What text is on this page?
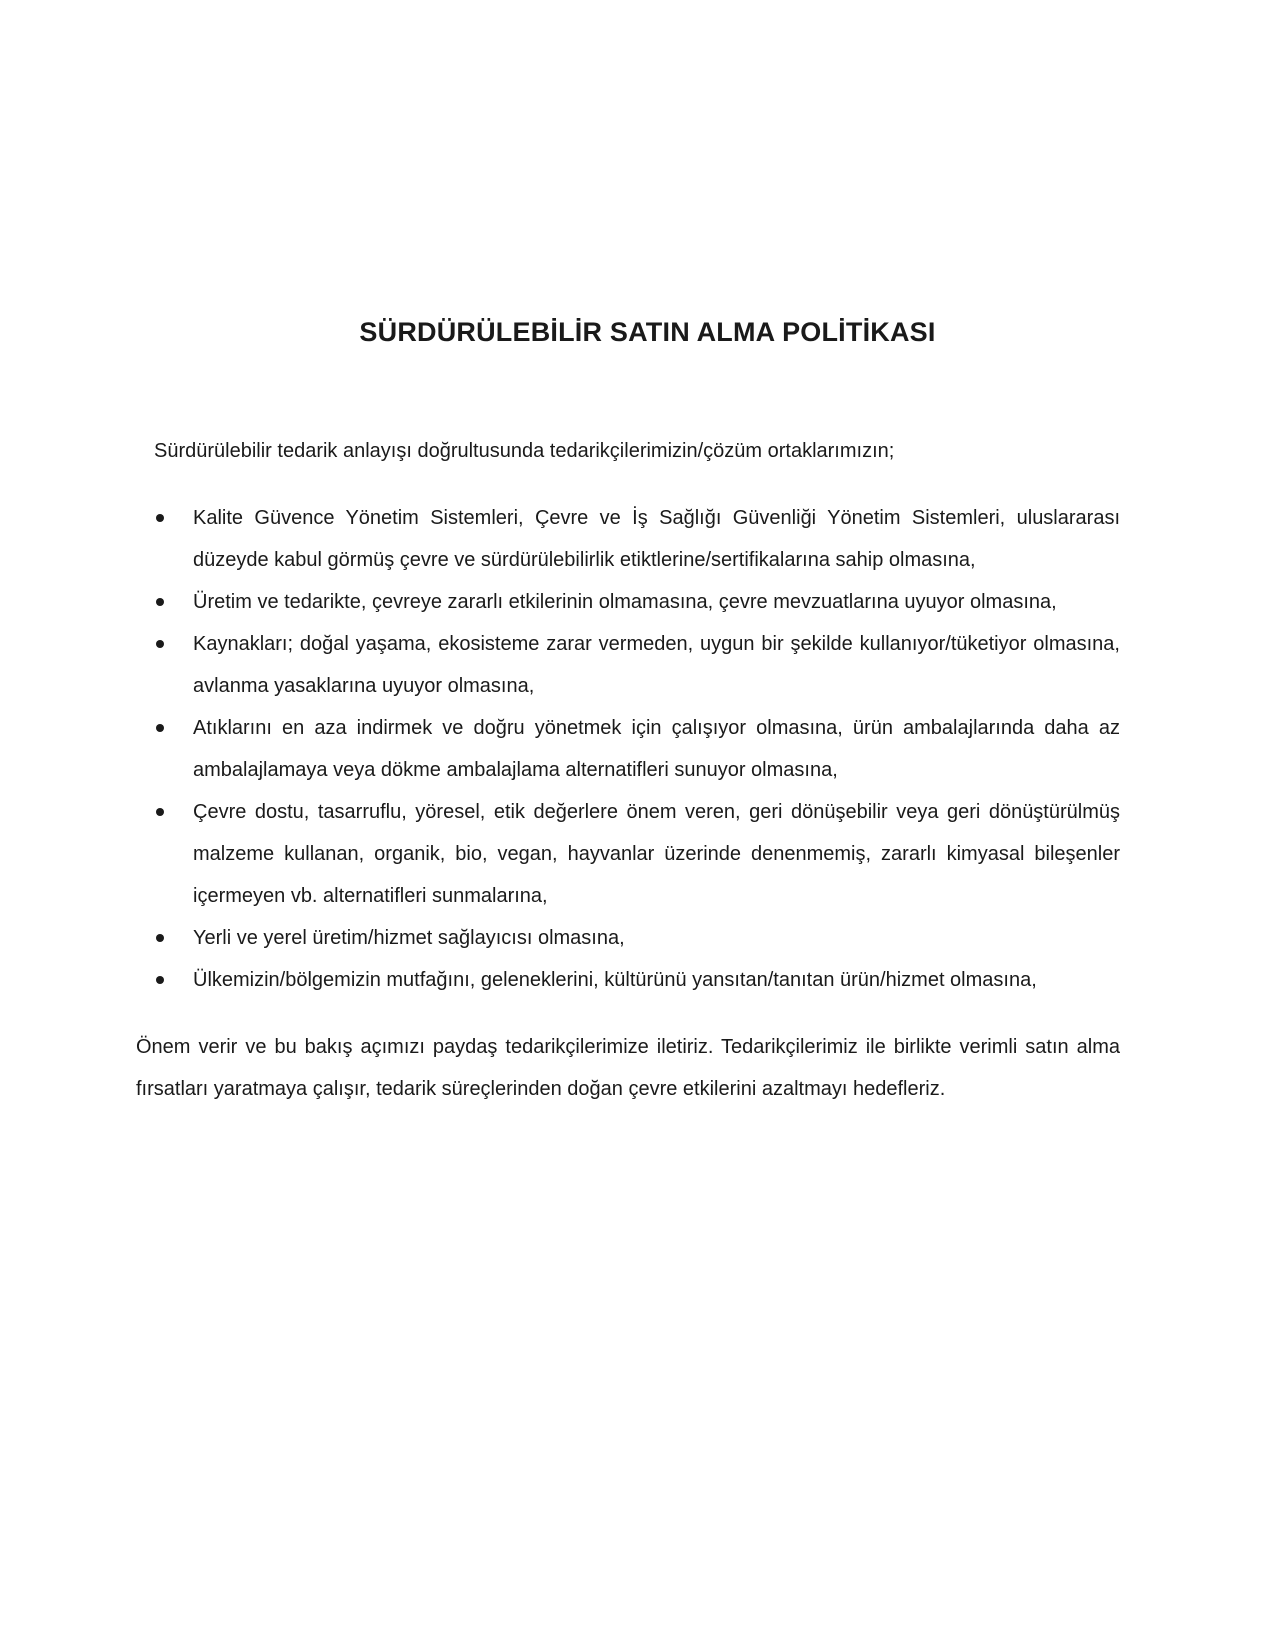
SÜRDÜRÜLEBİLİR SATIN ALMA POLİTİKASI

Sürdürülebilir tedarik anlayışı doğrultusunda tedarikçilerimizin/çözüm ortaklarımızın;

Kalite Güvence Yönetim Sistemleri, Çevre ve İş Sağlığı Güvenliği Yönetim Sistemleri, uluslararası düzeyde kabul görmüş çevre ve sürdürülebilirlik etiktlerine/sertifikalarına sahip olmasına,
Üretim ve tedarikte, çevreye zararlı etkilerinin olmamasına, çevre mevzuatlarına uyuyor olmasına,
Kaynakları; doğal yaşama, ekosisteme zarar vermeden, uygun bir şekilde kullanıyor/tüketiyor olmasına, avlanma yasaklarına uyuyor olmasına,
Atıklarını en aza indirmek ve doğru yönetmek için çalışıyor olmasına, ürün ambalajlarında daha az ambalajlamaya veya dökme ambalajlama alternatifleri sunuyor olmasına,
Çevre dostu, tasarruflu, yöresel, etik değerlere önem veren, geri dönüşebilir veya geri dönüştürülmüş malzeme kullanan, organik, bio, vegan, hayvanlar üzerinde denenmemiş, zararlı kimyasal bileşenler içermeyen vb. alternatifleri sunmalarına,
Yerli ve yerel üretim/hizmet sağlayıcısı olmasına,
Ülkemizin/bölgemizin mutfağını, geleneklerini, kültürünü yansıtan/tanıtan ürün/hizmet olmasına,

Önem verir ve bu bakış açımızı paydaş tedarikçilerimize iletiriz. Tedarikçilerimiz ile birlikte verimli satın alma fırsatları yaratmaya çalışır, tedarik süreçlerinden doğan çevre etkilerini azaltmayı hedefleriz.
